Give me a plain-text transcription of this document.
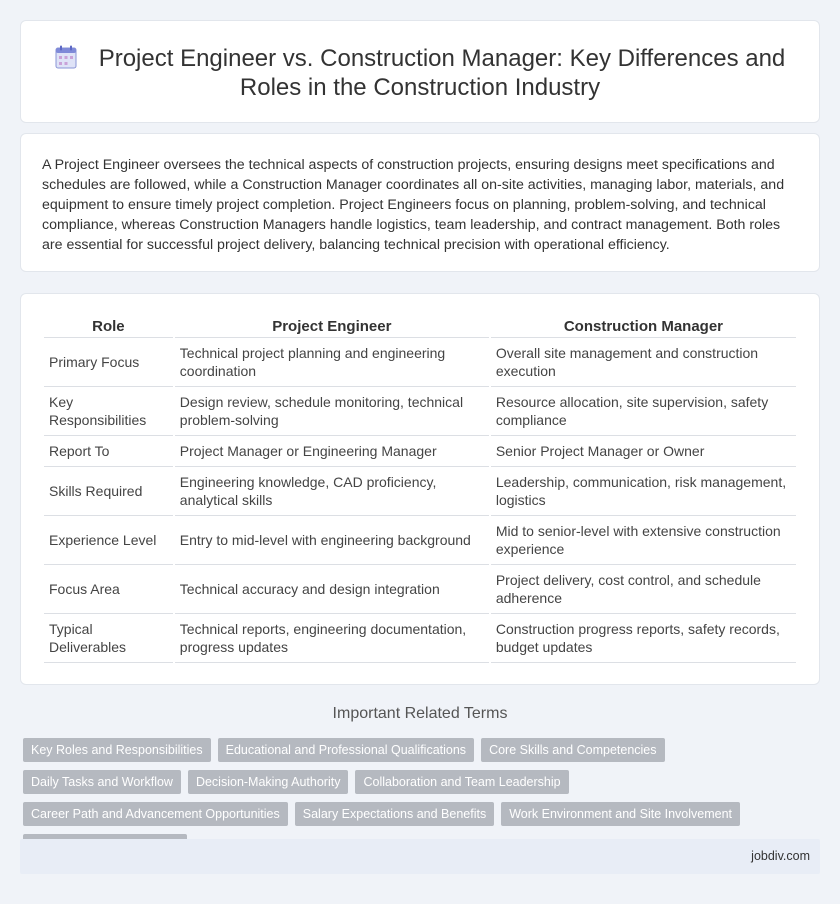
Project Engineer vs. Construction Manager: Key Differences and Roles in the Construction Industry

A Project Engineer oversees the technical aspects of construction projects, ensuring designs meet specifications and schedules are followed, while a Construction Manager coordinates all on-site activities, managing labor, materials, and equipment to ensure timely project completion. Project Engineers focus on planning, problem-solving, and technical compliance, whereas Construction Managers handle logistics, team leadership, and contract management. Both roles are essential for successful project delivery, balancing technical precision with operational efficiency.

Role	Project Engineer	Construction Manager
Primary Focus	Technical project planning and engineering coordination	Overall site management and construction execution
Key Responsibilities	Design review, schedule monitoring, technical problem-solving	Resource allocation, site supervision, safety compliance
Report To	Project Manager or Engineering Manager	Senior Project Manager or Owner
Skills Required	Engineering knowledge, CAD proficiency, analytical skills	Leadership, communication, risk management, logistics
Experience Level	Entry to mid-level with engineering background	Mid to senior-level with extensive construction experience
Focus Area	Technical accuracy and design integration	Project delivery, cost control, and schedule adherence
Typical Deliverables	Technical reports, engineering documentation, progress updates	Construction progress reports, safety records, budget updates
Important Related Terms
Key Roles and Responsibilities	Educational and Professional Qualifications	Core Skills and Competencies
Daily Tasks and Workflow	Decision-Making Authority	Collaboration and Team Leadership
Career Path and Advancement Opportunities	Salary Expectations and Benefits	Work Environment and Site Involvement
jobdiv.com
